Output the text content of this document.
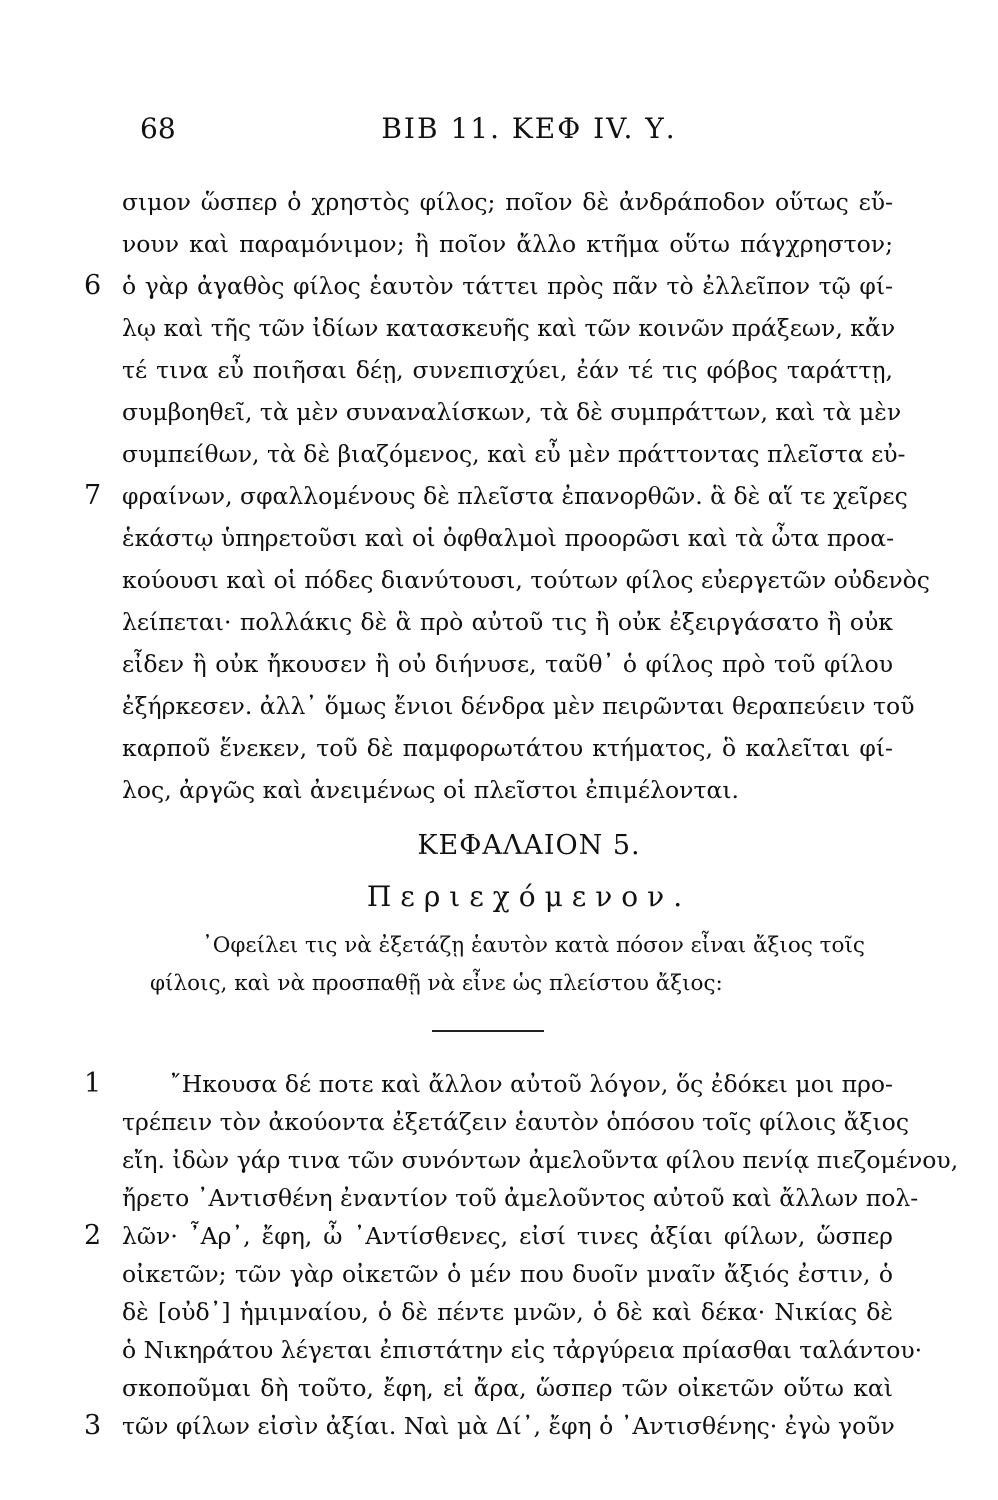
68	ΒΙΒ 11. ΚΕΦ ΙV. Υ.
σιμον ὥσπερ ὁ χρηστὸς φίλος; ποῖον δὲ ἀνδράποδον οὕτως εὔ-
νουν καὶ παραμόνιμον; ἢ ποῖον ἄλλο κτῆμα οὕτω πάγχρηστον;
ὁ γὰρ ἀγαθὸς φίλος ἑαυτὸν τάττει πρὸς πᾶν τὸ ἐλλεῖπον τῷ φί-
λῳ καὶ τῆς τῶν ἰδίων κατασκευῆς καὶ τῶν κοινῶν πράξεων, κἄν
τέ τινα εὖ ποιῆσαι δέῃ, συνεπισχύει, ἐάν τέ τις φόβος ταράττῃ,
συμβοηθεῖ, τὰ μὲν συναναλίσκων, τὰ δὲ συμπράττων, καὶ τὰ μὲν
συμπείθων, τὰ δὲ βιαζόμενος, καὶ εὖ μὲν πράττοντας πλεῖστα εὐ-
φραίνων, σφαλλομένους δὲ πλεῖστα ἐπανορθῶν. ἃ δὲ αἵ τε χεῖρες
ἑκάστῳ ὑπηρετοῦσι καὶ οἱ ὀφθαλμοὶ προορῶσι καὶ τὰ ὦτα προα-
κούουσι καὶ οἱ πόδες διανύτουσι, τούτων φίλος εὐεργετῶν οὐδενὸς
λείπεται· πολλάκις δὲ ἃ πρὸ αὐτοῦ τις ἢ οὐκ ἐξειργάσατο ἢ οὐκ
εἶδεν ἢ οὐκ ἤκουσεν ἢ οὐ διήνυσε, ταῦθ᾽ ὁ φίλος πρὸ τοῦ φίλου
ἐξήρκεσεν. ἀλλ᾽ ὅμως ἔνιοι δένδρα μὲν πειρῶνται θεραπεύειν τοῦ
καρποῦ ἕνεκεν, τοῦ δὲ παμφορωτάτου κτήματος, ὃ καλεῖται φί-
λος, ἀργῶς καὶ ἀνειμένως οἱ πλεῖστοι ἐπιμέλονται.
6
7
ΚΕΦΑΛΑΙΟΝ 5.
Περιεχόμενον.
᾿Οφείλει τις νὰ ἐξετάζῃ ἑαυτὸν κατὰ πόσον εἶναι ἄξιος τοῖς
φίλοις, καὶ νὰ προσπαθῇ νὰ εἶνε ὡς πλείστου ἄξιος:
῎Ηκουσα δέ ποτε καὶ ἄλλον αὐτοῦ λόγον, ὅς ἐδόκει μοι προ-
τρέπειν τὸν ἀκούοντα ἐξετάζειν ἑαυτὸν ὁπόσου τοῖς φίλοις ἄξιος
εἴη. ἰδὼν γάρ τινα τῶν συνόντων ἀμελοῦντα φίλου πενίᾳ πιεζομένου,
ἤρετο ᾿Αντισθένη ἐναντίον τοῦ ἀμελοῦντος αὐτοῦ καὶ ἄλλων πολ-
λῶν· ῏Αρ᾽, ἔφη, ὦ ᾿Αντίσθενες, εἰσί τινες ἀξίαι φίλων, ὥσπερ
οἰκετῶν; τῶν γὰρ οἰκετῶν ὁ μέν που δυοῖν μναῖν ἄξιός ἐστιν, ὁ
δὲ [οὐδ᾽] ἡμιμναίου, ὁ δὲ πέντε μνῶν, ὁ δὲ καὶ δέκα· Νικίας δὲ
ὁ Νικηράτου λέγεται ἐπιστάτην εἰς τἀργύρεια πρίασθαι ταλάντου·
σκοποῦμαι δὴ τοῦτο, ἔφη, εἰ ἄρα, ὥσπερ τῶν οἰκετῶν οὕτω καὶ
τῶν φίλων εἰσὶν ἀξίαι. Ναὶ μὰ Δί᾽, ἔφη ὁ ᾿Αντισθένης· ἐγὼ γοῦν
1
2
3
